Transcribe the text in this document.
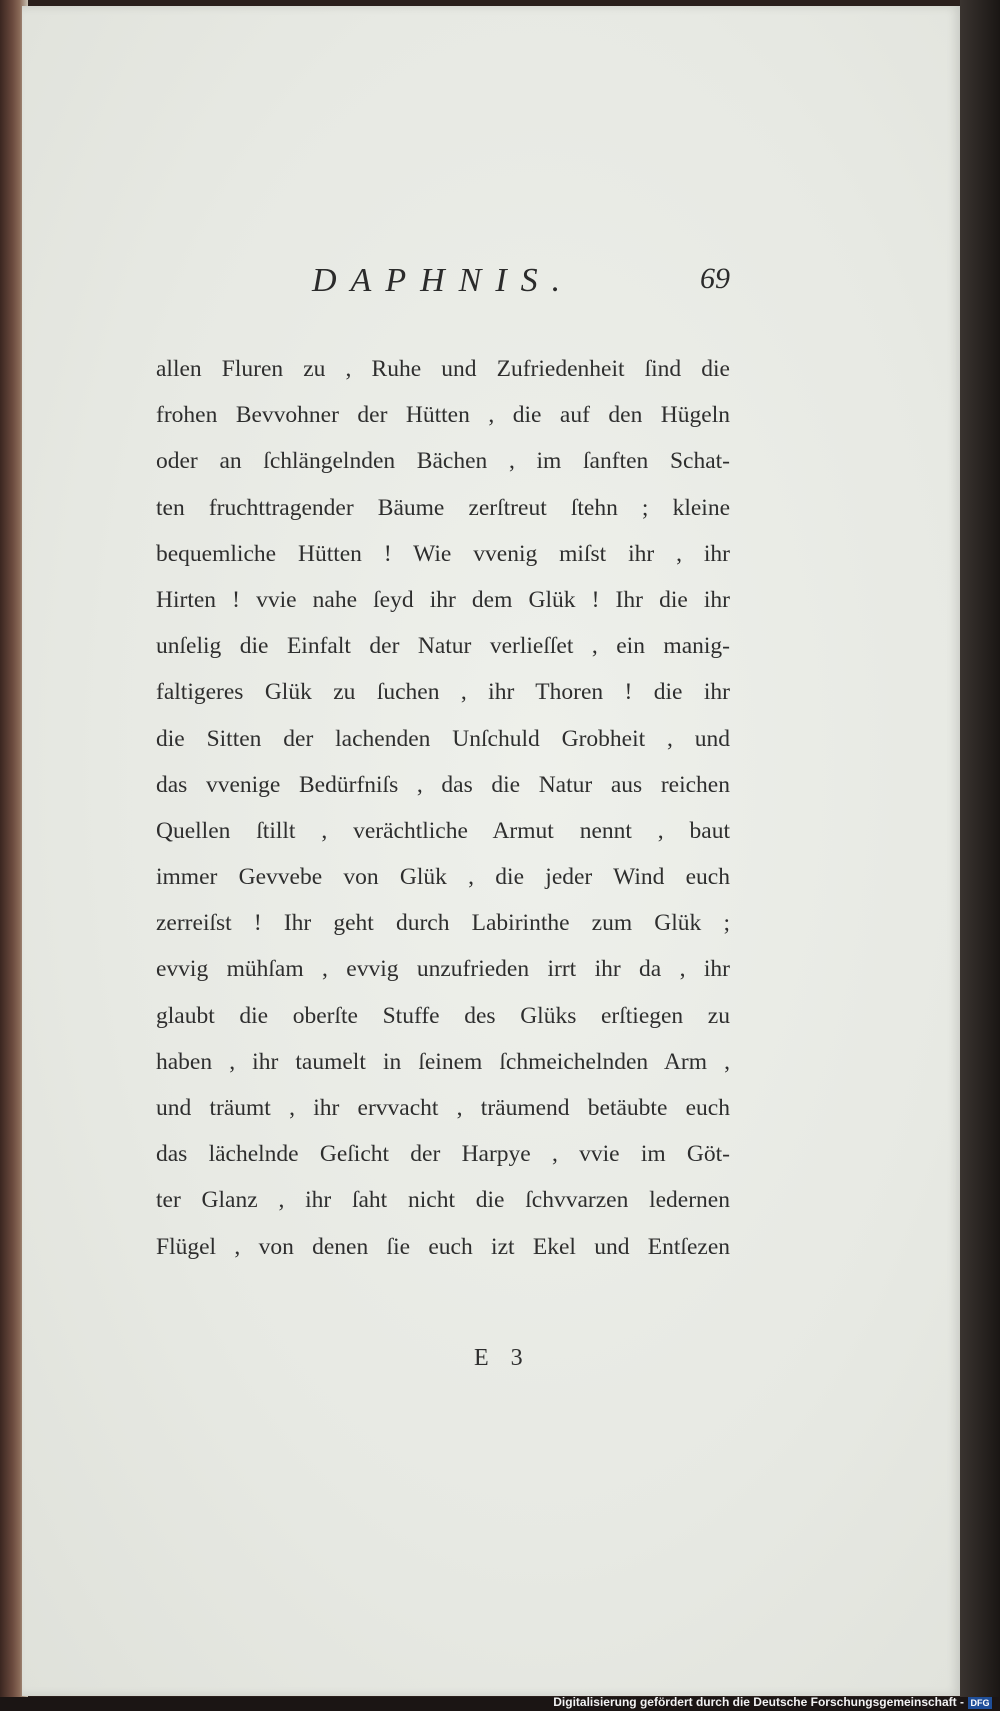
DAPHNIS.	69
allen Fluren zu , Ruhe und Zufriedenheit ſind die
frohen Bevvohner der Hütten , die auf den Hügeln
oder an ſchlängelnden Bächen , im ſanften Schat-
ten fruchttragender Bäume zerſtreut ſtehn ; kleine
bequemliche Hütten ! Wie vvenig miſst ihr , ihr
Hirten ! vvie nahe ſeyd ihr dem Glük ! Ihr die ihr
unſelig die Einfalt der Natur verlieſſet , ein manig-
faltigeres Glük zu ſuchen , ihr Thoren ! die ihr
die Sitten der lachenden Unſchuld Grobheit , und
das vvenige Bedürfniſs , das die Natur aus reichen
Quellen ſtillt , verächtliche Armut nennt , baut
immer Gevvebe von Glük , die jeder Wind euch
zerreiſst ! Ihr geht durch Labirinthe zum Glük ;
evvig mühſam , evvig unzufrieden irrt ihr da , ihr
glaubt die oberſte Stuffe des Glüks erſtiegen zu
haben , ihr taumelt in ſeinem ſchmeichelnden Arm ,
und träumt , ihr ervvacht , träumend betäubte euch
das lächelnde Geſicht der Harpye , vvie im Göt-
ter Glanz , ihr ſaht nicht die ſchvvarzen ledernen
Flügel , von denen ſie euch izt Ekel und Entſezen
E 3
Digitalisierung gefördert durch die Deutsche Forschungsgemeinschaft - DFG
